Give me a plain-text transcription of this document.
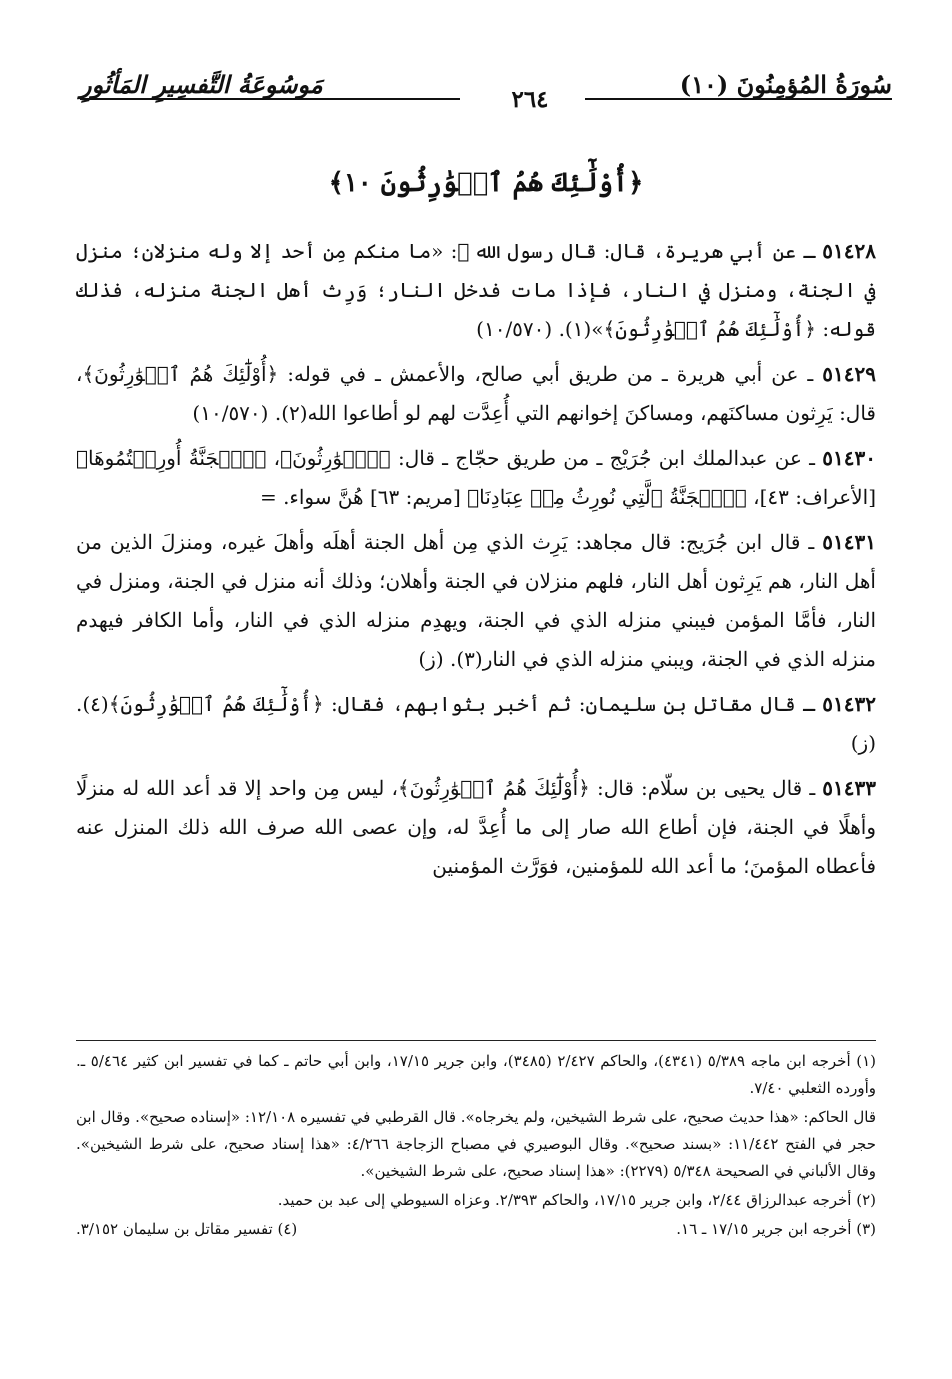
سُورَةُ المُؤمِنُونَ (١٠)
٢٦٤
مَوسُوعَةُ التَّفسِيرِ المَأثُورِ
﴿أُوْلَٰٓئِكَ هُمُ ٱلۡوَٰرِثُونَ ١٠﴾

٥١٤٢٨ ـ عن أبي هريرة، قال: قال رسول الله ﷺ: «ما منكم مِن أحد إلا وله منزلان؛ منزل في الجنة، ومنزل في النار، فإذا مات فدخل النار؛ وَرِث أهل الجنة منزله، فذلك قوله: ﴿أُوْلَٰٓئِكَ هُمُ ٱلۡوَٰرِثُونَ﴾»(١). (١٠/٥٧٠)

٥١٤٢٩ ـ عن أبي هريرة ـ من طريق أبي صالح، والأعمش ـ في قوله: ﴿أُوْلَٰٓئِكَ هُمُ ٱلۡوَٰرِثُونَ﴾، قال: يَرِثون مساكنَهم، ومساكنَ إخوانهم التي أُعِدَّت لهم لو أطاعوا الله(٢). (١٠/٥٧٠)

٥١٤٣٠ ـ عن عبدالملك ابن جُرَيْج ـ من طريق حجّاج ـ قال: ﴿ٱلۡوَٰرِثُونَ﴾، ﴿ٱلۡجَنَّةُ أُورِثۡتُمُوهَا﴾ [الأعراف: ٤٣]، ﴿ٱلۡجَنَّةُ ٱلَّتِي نُورِثُ مِنۡ عِبَادِنَا﴾ [مريم: ٦٣] هُنَّ سواء. =

٥١٤٣١ ـ قال ابن جُرَيج: قال مجاهد: يَرِث الذي مِن أهل الجنة أهلَه وأهلَ غيره، ومنزلَ الذين من أهل النار، هم يَرِثون أهل النار، فلهم منزلان في الجنة وأهلان؛ وذلك أنه منزل في الجنة، ومنزل في النار، فأمَّا المؤمن فيبني منزله الذي في الجنة، ويهدِم منزله الذي في النار، وأما الكافر فيهدم منزله الذي في الجنة، ويبني منزله الذي في النار(٣). (ز)

٥١٤٣٢ ـ قال مقاتل بن سليمان: ثم أخبر بثوابهم، فقال: ﴿أُوْلَٰٓئِكَ هُمُ ٱلۡوَٰرِثُونَ﴾(٤). (ز)

٥١٤٣٣ ـ قال يحيى بن سلّام: قال: ﴿أُوْلَٰٓئِكَ هُمُ ٱلۡوَٰرِثُونَ﴾، ليس مِن واحد إلا قد أعد الله له منزلًا وأهلًا في الجنة، فإن أطاع الله صار إلى ما أُعِدَّ له، وإن عصى الله صرف الله ذلك المنزل عنه فأعطاه المؤمنَ؛ ما أعد الله للمؤمنين، فوَرَّث المؤمنين

(١) أخرجه ابن ماجه ٥/٣٨٩ (٤٣٤١)، والحاكم ٢/٤٢٧ (٣٤٨٥)، وابن جرير ١٧/١٥، وابن أبي حاتم ـ كما في تفسير ابن كثير ٥/٤٦٤ ـ. وأورده الثعلبي ٧/٤٠.

قال الحاكم: «هذا حديث صحيح، على شرط الشيخين، ولم يخرجاه». قال القرطبي في تفسيره ١٢/١٠٨: «إسناده صحيح». وقال ابن حجر في الفتح ١١/٤٤٢: «بسند صحيح». وقال البوصيري في مصباح الزجاجة ٤/٢٦٦: «هذا إسناد صحيح، على شرط الشيخين». وقال الألباني في الصحيحة ٥/٣٤٨ (٢٢٧٩): «هذا إسناد صحيح، على شرط الشيخين».

(٢) أخرجه عبدالرزاق ٢/٤٤، وابن جرير ١٧/١٥، والحاكم ٢/٣٩٣. وعزاه السيوطي إلى عبد بن حميد.

(٣) أخرجه ابن جرير ١٧/١٥ ـ ١٦.
(٤) تفسير مقاتل بن سليمان ٣/١٥٢.
